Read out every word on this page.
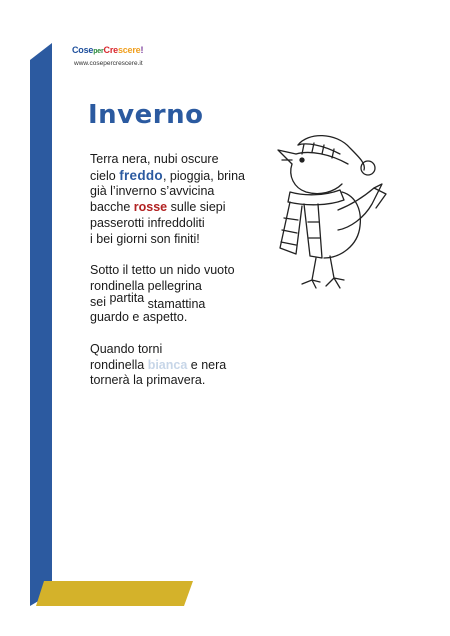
CoseperCrescere!
www.cosepercrescere.it
Inverno
Terra nera, nubi oscure
cielo freddo, pioggia, brina
già l’inverno s’avvicina
bacche rosse sulle siepi
passerotti infreddoliti
i bei giorni son finiti!
Sotto il tetto un nido vuoto
rondinella pellegrina
sei partita stamattina
guardo e aspetto.
Quando torni
rondinella bianca e nera
tornerà la primavera.
